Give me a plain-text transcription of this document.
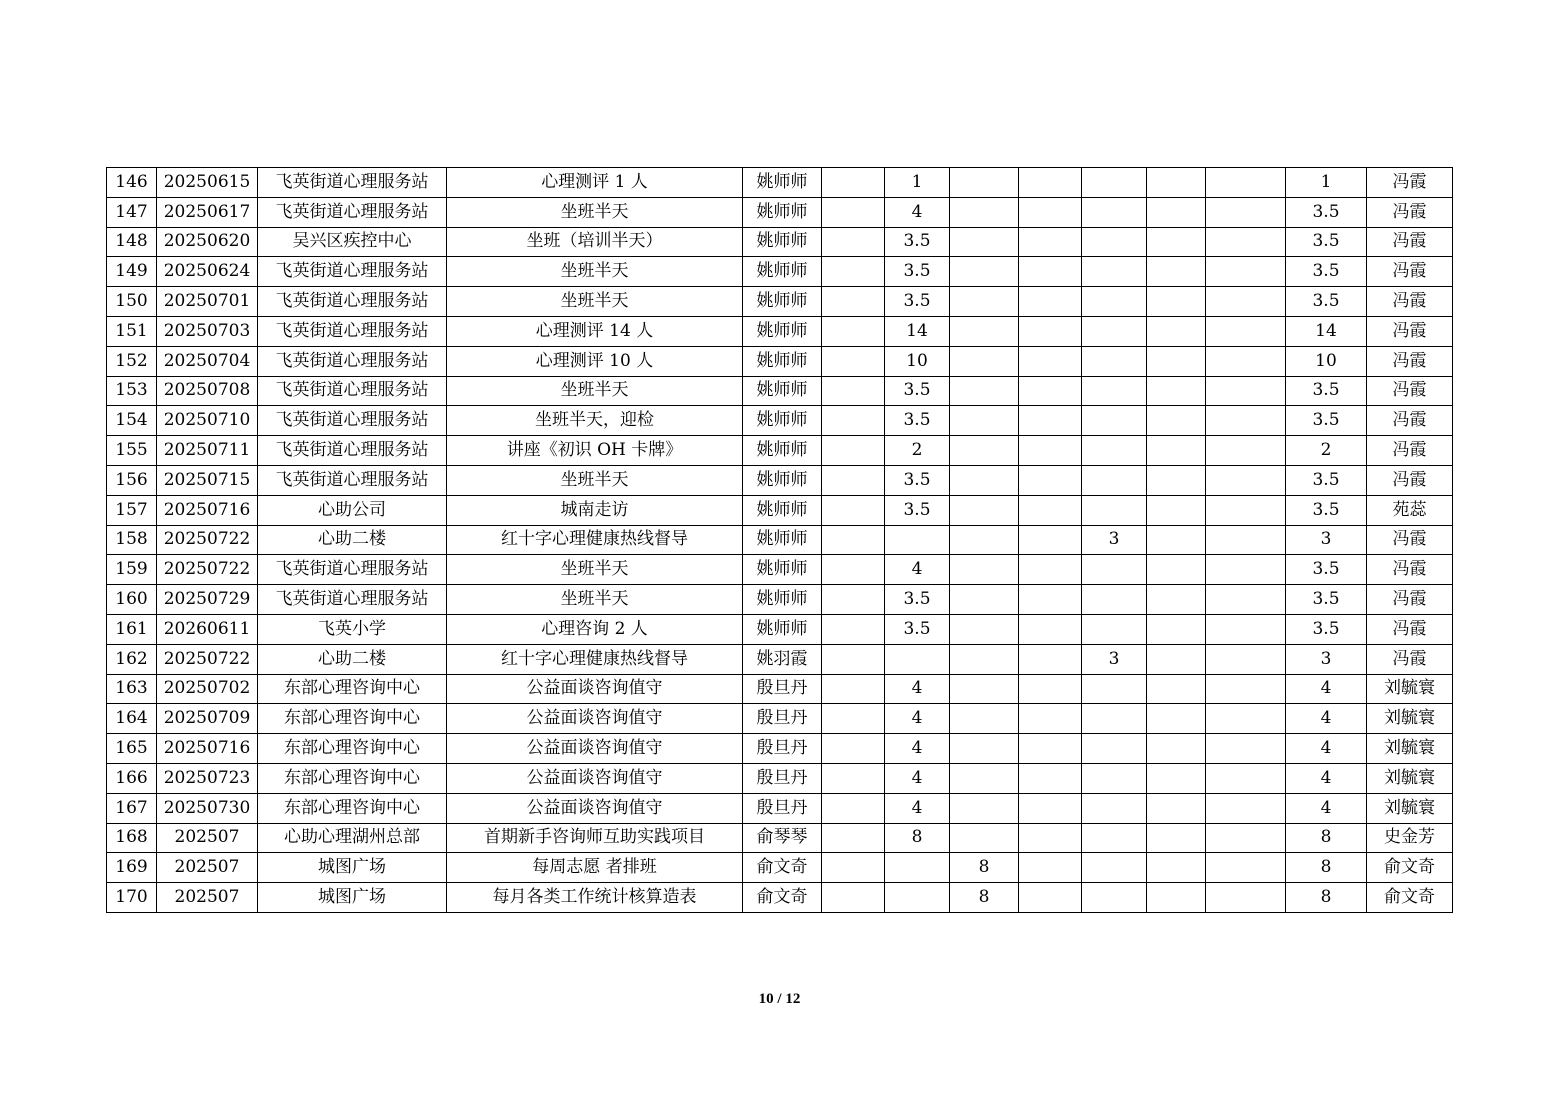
146	20250615	飞英街道心理服务站	心理测评 1 人	姚师师		1						1	冯霞
147	20250617	飞英街道心理服务站	坐班半天	姚师师		4						3.5	冯霞
148	20250620	吴兴区疾控中心	坐班（培训半天）	姚师师		3.5						3.5	冯霞
149	20250624	飞英街道心理服务站	坐班半天	姚师师		3.5						3.5	冯霞
150	20250701	飞英街道心理服务站	坐班半天	姚师师		3.5						3.5	冯霞
151	20250703	飞英街道心理服务站	心理测评 14 人	姚师师		14						14	冯霞
152	20250704	飞英街道心理服务站	心理测评 10 人	姚师师		10						10	冯霞
153	20250708	飞英街道心理服务站	坐班半天	姚师师		3.5						3.5	冯霞
154	20250710	飞英街道心理服务站	坐班半天，迎检	姚师师		3.5						3.5	冯霞
155	20250711	飞英街道心理服务站	讲座《初识 OH 卡牌》	姚师师		2						2	冯霞
156	20250715	飞英街道心理服务站	坐班半天	姚师师		3.5						3.5	冯霞
157	20250716	心助公司	城南走访	姚师师		3.5						3.5	苑蕊
158	20250722	心助二楼	红十字心理健康热线督导	姚师师					3			3	冯霞
159	20250722	飞英街道心理服务站	坐班半天	姚师师		4						3.5	冯霞
160	20250729	飞英街道心理服务站	坐班半天	姚师师		3.5						3.5	冯霞
161	20260611	飞英小学	心理咨询 2 人	姚师师		3.5						3.5	冯霞
162	20250722	心助二楼	红十字心理健康热线督导	姚羽霞					3			3	冯霞
163	20250702	东部心理咨询中心	公益面谈咨询值守	殷旦丹		4						4	刘毓寰
164	20250709	东部心理咨询中心	公益面谈咨询值守	殷旦丹		4						4	刘毓寰
165	20250716	东部心理咨询中心	公益面谈咨询值守	殷旦丹		4						4	刘毓寰
166	20250723	东部心理咨询中心	公益面谈咨询值守	殷旦丹		4						4	刘毓寰
167	20250730	东部心理咨询中心	公益面谈咨询值守	殷旦丹		4						4	刘毓寰
168	202507	心助心理湖州总部	首期新手咨询师互助实践项目	俞琴琴		8						8	史金芳
169	202507	城图广场	每周志愿 者排班	俞文奇			8					8	俞文奇
170	202507	城图广场	每月各类工作统计核算造表	俞文奇			8					8	俞文奇
10 / 12
